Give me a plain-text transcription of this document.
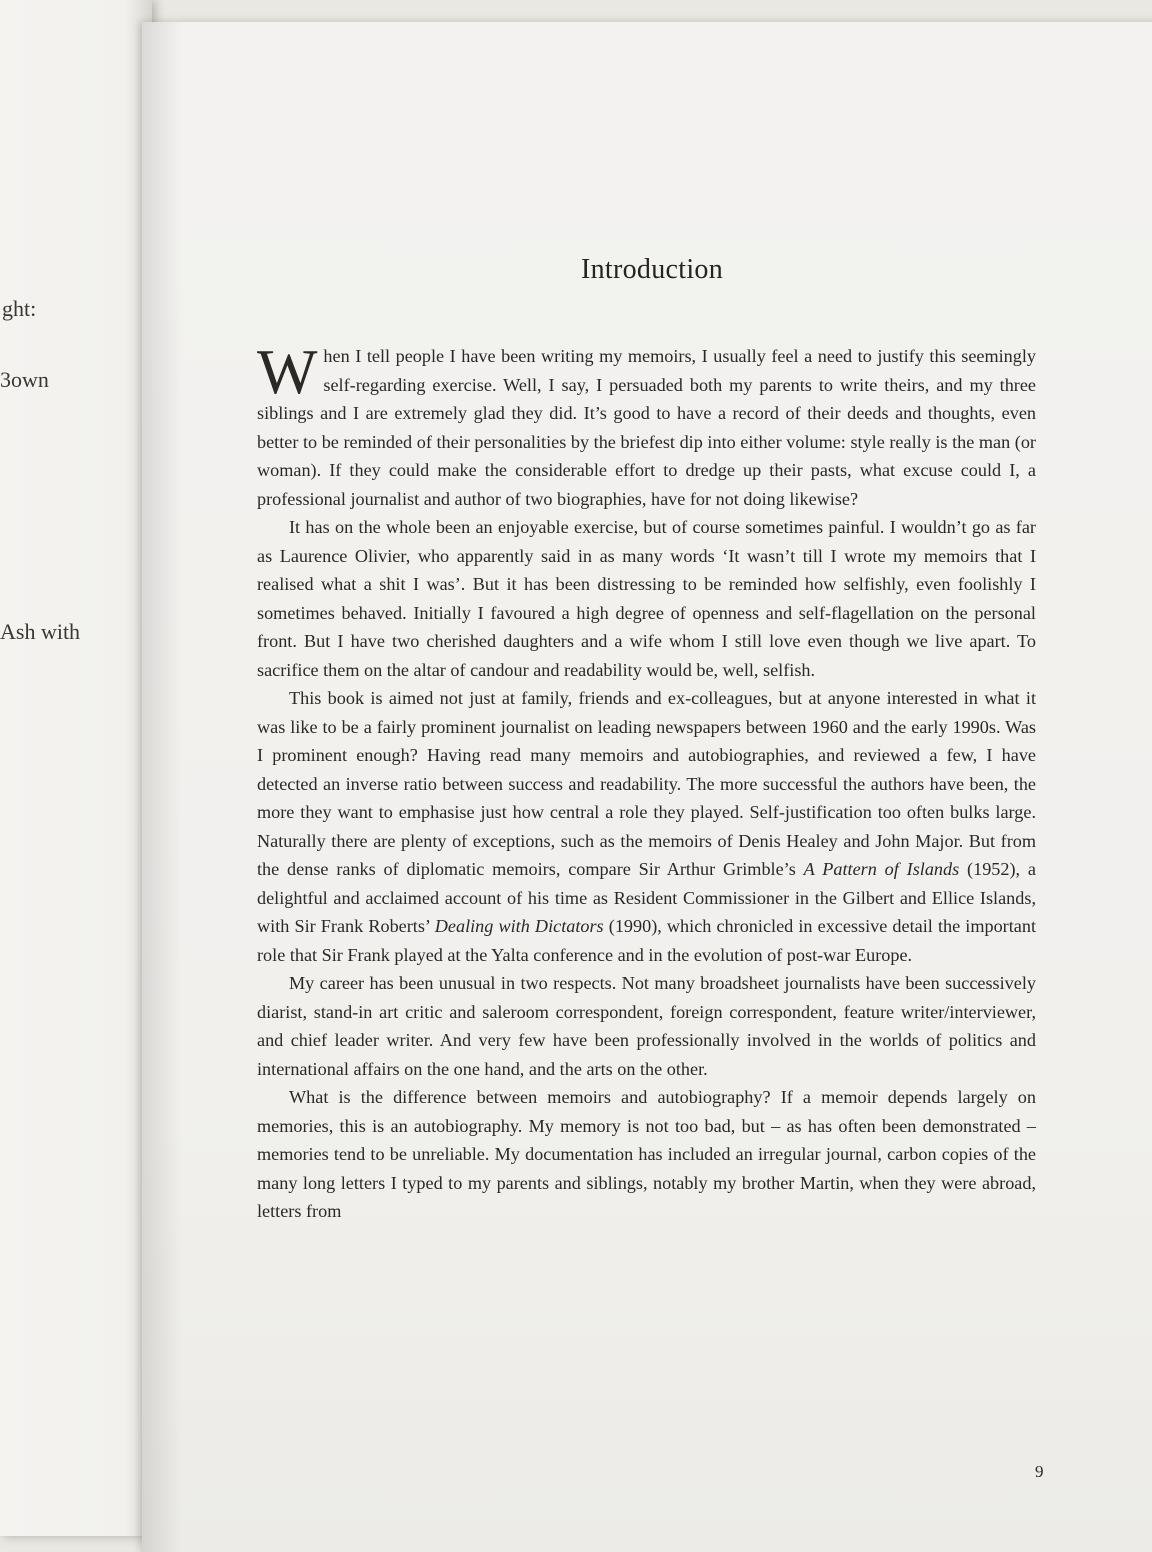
ght:
3own
Ash with
Introduction

When I tell people I have been writing my memoirs, I usually feel a need to justify this seemingly self-regarding exercise. Well, I say, I persuaded both my parents to write theirs, and my three siblings and I are extremely glad they did. It’s good to have a record of their deeds and thoughts, even better to be reminded of their personalities by the briefest dip into either volume: style really is the man (or woman). If they could make the considerable effort to dredge up their pasts, what excuse could I, a professional journalist and author of two biographies, have for not doing likewise?

It has on the whole been an enjoyable exercise, but of course sometimes painful. I wouldn’t go as far as Laurence Olivier, who apparently said in as many words ‘It wasn’t till I wrote my memoirs that I realised what a shit I was’. But it has been distressing to be reminded how selfishly, even foolishly I sometimes behaved. Initially I favoured a high degree of openness and self-flagellation on the personal front. But I have two cherished daughters and a wife whom I still love even though we live apart. To sacrifice them on the altar of candour and readability would be, well, selfish.

This book is aimed not just at family, friends and ex-colleagues, but at anyone interested in what it was like to be a fairly prominent journalist on leading newspapers between 1960 and the early 1990s. Was I prominent enough? Having read many memoirs and autobiographies, and reviewed a few, I have detected an inverse ratio between success and readability. The more successful the authors have been, the more they want to emphasise just how central a role they played. Self-justification too often bulks large. Naturally there are plenty of exceptions, such as the memoirs of Denis Healey and John Major. But from the dense ranks of diplomatic memoirs, compare Sir Arthur Grimble’s A Pattern of Islands (1952), a delightful and acclaimed account of his time as Resident Commissioner in the Gilbert and Ellice Islands, with Sir Frank Roberts’ Dealing with Dictators (1990), which chronicled in excessive detail the important role that Sir Frank played at the Yalta conference and in the evolution of post-war Europe.

My career has been unusual in two respects. Not many broadsheet journalists have been successively diarist, stand-in art critic and saleroom correspondent, foreign correspondent, feature writer/interviewer, and chief leader writer. And very few have been professionally involved in the worlds of politics and international affairs on the one hand, and the arts on the other.

What is the difference between memoirs and autobiography? If a memoir depends largely on memories, this is an autobiography. My memory is not too bad, but – as has often been demonstrated – memories tend to be unreliable. My documentation has included an irregular journal, carbon copies of the many long letters I typed to my parents and siblings, notably my brother Martin, when they were abroad, letters from

9
